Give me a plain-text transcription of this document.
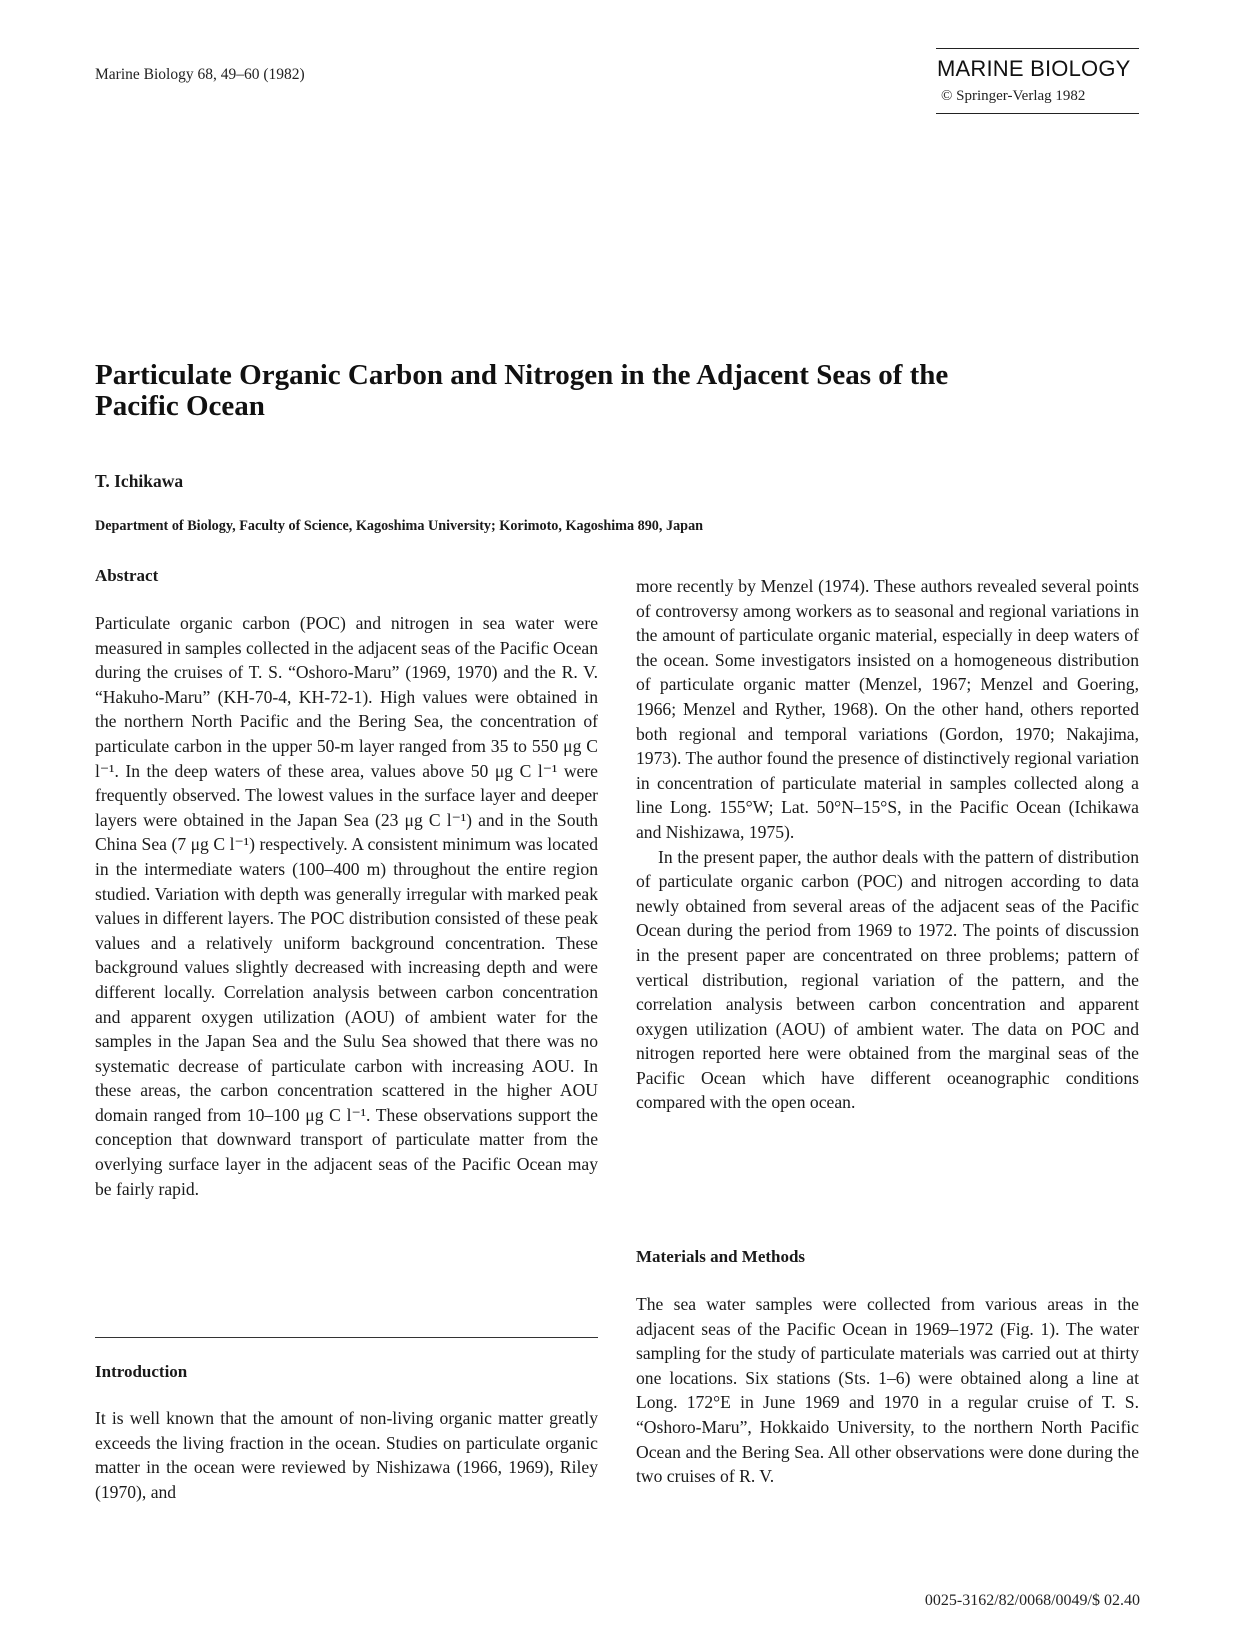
Marine Biology 68, 49–60 (1982)	MARINE BIOLOGY
© Springer-Verlag 1982
Particulate Organic Carbon and Nitrogen in the Adjacent Seas of the Pacific Ocean
T. Ichikawa
Department of Biology, Faculty of Science, Kagoshima University; Korimoto, Kagoshima 890, Japan
Abstract

Particulate organic carbon (POC) and nitrogen in sea water were measured in samples collected in the adjacent seas of the Pacific Ocean during the cruises of T. S. “Oshoro-Maru” (1969, 1970) and the R. V. “Hakuho-Maru” (KH-70-4, KH-72-1). High values were obtained in the northern North Pacific and the Bering Sea, the concentration of particulate carbon in the upper 50-m layer ranged from 35 to 550 μg C l⁻¹. In the deep waters of these area, values above 50 μg C l⁻¹ were frequently observed. The lowest values in the surface layer and deeper layers were obtained in the Japan Sea (23 μg C l⁻¹) and in the South China Sea (7 μg C l⁻¹) respectively. A consistent minimum was located in the intermediate waters (100–400 m) throughout the entire region studied. Variation with depth was generally irregular with marked peak values in different layers. The POC distribution consisted of these peak values and a relatively uniform background concentration. These background values slightly decreased with increasing depth and were different locally. Correlation analysis between carbon concentration and apparent oxygen utilization (AOU) of ambient water for the samples in the Japan Sea and the Sulu Sea showed that there was no systematic decrease of particulate carbon with increasing AOU. In these areas, the carbon concentration scattered in the higher AOU domain ranged from 10–100 μg C l⁻¹. These observations support the conception that downward transport of particulate matter from the overlying surface layer in the adjacent seas of the Pacific Ocean may be fairly rapid.

Introduction

It is well known that the amount of non-living organic matter greatly exceeds the living fraction in the ocean. Studies on particulate organic matter in the ocean were reviewed by Nishizawa (1966, 1969), Riley (1970), and

more recently by Menzel (1974). These authors revealed several points of controversy among workers as to seasonal and regional variations in the amount of particulate organic material, especially in deep waters of the ocean. Some investigators insisted on a homogeneous distribution of particulate organic matter (Menzel, 1967; Menzel and Goering, 1966; Menzel and Ryther, 1968). On the other hand, others reported both regional and temporal variations (Gordon, 1970; Nakajima, 1973). The author found the presence of distinctively regional variation in concentration of particulate material in samples collected along a line Long. 155°W; Lat. 50°N–15°S, in the Pacific Ocean (Ichikawa and Nishizawa, 1975).

In the present paper, the author deals with the pattern of distribution of particulate organic carbon (POC) and nitrogen according to data newly obtained from several areas of the adjacent seas of the Pacific Ocean during the period from 1969 to 1972. The points of discussion in the present paper are concentrated on three problems; pattern of vertical distribution, regional variation of the pattern, and the correlation analysis between carbon concentration and apparent oxygen utilization (AOU) of ambient water. The data on POC and nitrogen reported here were obtained from the marginal seas of the Pacific Ocean which have different oceanographic conditions compared with the open ocean.

Materials and Methods

The sea water samples were collected from various areas in the adjacent seas of the Pacific Ocean in 1969–1972 (Fig. 1). The water sampling for the study of particulate materials was carried out at thirty one locations. Six stations (Sts. 1–6) were obtained along a line at Long. 172°E in June 1969 and 1970 in a regular cruise of T. S. “Oshoro-Maru”, Hokkaido University, to the northern North Pacific Ocean and the Bering Sea. All other observations were done during the two cruises of R. V.

0025-3162/82/0068/0049/$ 02.40
